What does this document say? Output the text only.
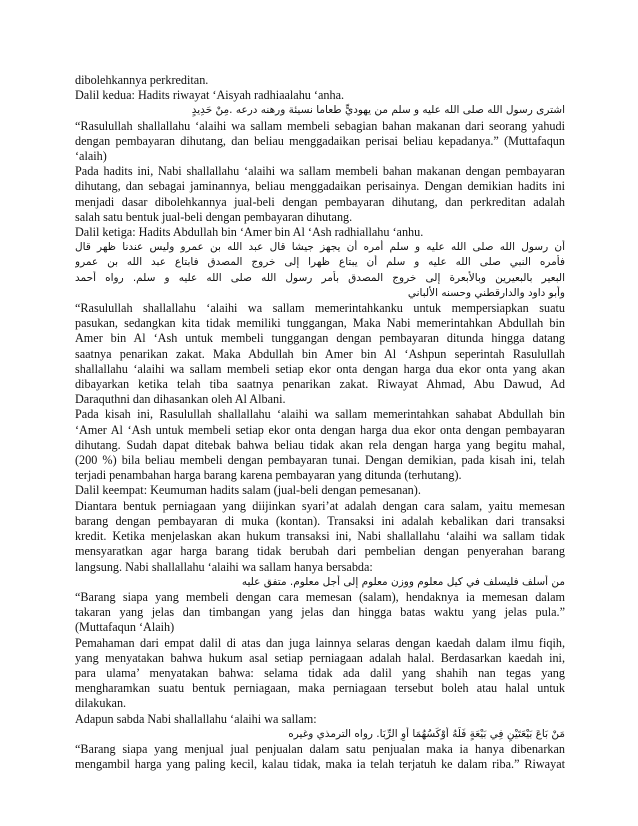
dibolehkannya perkreditan.
Dalil kedua: Hadits riwayat ‘Aisyah radhiaalahu ‘anha.
اشترى رسول الله صلى الله عليه و سلم من يهوديٍّ طعاما نسيئة ورهنه درعه .مِنْ حَدِيدٍ
“Rasulullah shallallahu ‘alaihi wa sallam membeli sebagian bahan makanan dari seorang yahudi
dengan pembayaran dihutang, dan beliau menggadaikan perisai beliau kepadanya.” (Muttafaqun
‘alaih)
Pada hadits ini, Nabi shallallahu ‘alaihi wa sallam membeli bahan makanan dengan pembayaran
dihutang, dan sebagai jaminannya, beliau menggadaikan perisainya. Dengan demikian hadits ini
menjadi dasar dibolehkannya jual-beli dengan pembayaran dihutang, dan perkreditan adalah
salah satu bentuk jual-beli dengan pembayaran dihutang.
Dalil ketiga: Hadits Abdullah bin ‘Amer bin Al ‘Ash radhiallahu ‘anhu.
أن رسول الله صلى الله عليه و سلم أمره أن يجهز جيشا قال عبد الله بن عمرو وليس عندنا ظهر قال
فأمره النبي صلى الله عليه و سلم أن يبتاع ظهرا إلى خروج المصدق فابتاع عبد الله بن عمرو
البعير بالبعيرين وبالأبعرة إلى خروج المصدق بأمر رسول الله صلى الله عليه و سلم. رواه أحمد
وأبو داود والدارقطني وحسنه الألباني
“Rasulullah shallallahu ‘alaihi wa sallam memerintahkanku untuk mempersiapkan suatu
pasukan, sedangkan kita tidak memiliki tunggangan, Maka Nabi memerintahkan Abdullah bin
Amer bin Al ‘Ash untuk membeli tunggangan dengan pembayaran ditunda hingga datang
saatnya penarikan zakat. Maka Abdullah bin Amer bin Al ‘Ashpun seperintah Rasulullah
shallallahu ‘alaihi wa sallam membeli setiap ekor onta dengan harga dua ekor onta yang akan
dibayarkan ketika telah tiba saatnya penarikan zakat. Riwayat Ahmad, Abu Dawud, Ad
Daraquthni dan dihasankan oleh Al Albani.
Pada kisah ini, Rasulullah shallallahu ‘alaihi wa sallam memerintahkan sahabat Abdullah bin
‘Amer Al ‘Ash untuk membeli setiap ekor onta dengan harga dua ekor onta dengan pembayaran
dihutang. Sudah dapat ditebak bahwa beliau tidak akan rela dengan harga yang begitu mahal,
(200 %) bila beliau membeli dengan pembayaran tunai. Dengan demikian, pada kisah ini, telah
terjadi penambahan harga barang karena pembayaran yang ditunda (terhutang).
Dalil keempat: Keumuman hadits salam (jual-beli dengan pemesanan).
Diantara bentuk perniagaan yang diijinkan syari’at adalah dengan cara salam, yaitu memesan
barang dengan pembayaran di muka (kontan). Transaksi ini adalah kebalikan dari transaksi
kredit. Ketika menjelaskan akan hukum transaksi ini, Nabi shallallahu ‘alaihi wa sallam tidak
mensyaratkan agar harga barang tidak berubah dari pembelian dengan penyerahan barang
langsung. Nabi shallallahu ‘alaihi wa sallam hanya bersabda:
من أسلف فليسلف في كيل معلوم ووزن معلوم إلى أجل معلوم. متفق عليه
“Barang siapa yang membeli dengan cara memesan (salam), hendaknya ia memesan dalam
takaran yang jelas dan timbangan yang jelas dan hingga batas waktu yang jelas pula.”
(Muttafaqun ‘Alaih)
Pemahaman dari empat dalil di atas dan juga lainnya selaras dengan kaedah dalam ilmu fiqih,
yang menyatakan bahwa hukum asal setiap perniagaan adalah halal. Berdasarkan kaedah ini,
para ulama’ menyatakan bahwa: selama tidak ada dalil yang shahih nan tegas yang
mengharamkan suatu bentuk perniagaan, maka perniagaan tersebut boleh atau halal untuk
dilakukan.
Adapun sabda Nabi shallallahu ‘alaihi wa sallam:
مَنْ بَاعَ بَيْعَتَيْنِ فِي بَيْعَةٍ فَلَهُ أَوْكَسُهُمَا أَوِ الرِّبَا. رواه الترمذي وغيره
“Barang siapa yang menjual jual penjualan dalam satu penjualan maka ia hanya dibenarkan
mengambil harga yang paling kecil, kalau tidak, maka ia telah terjatuh ke dalam riba.” Riwayat
